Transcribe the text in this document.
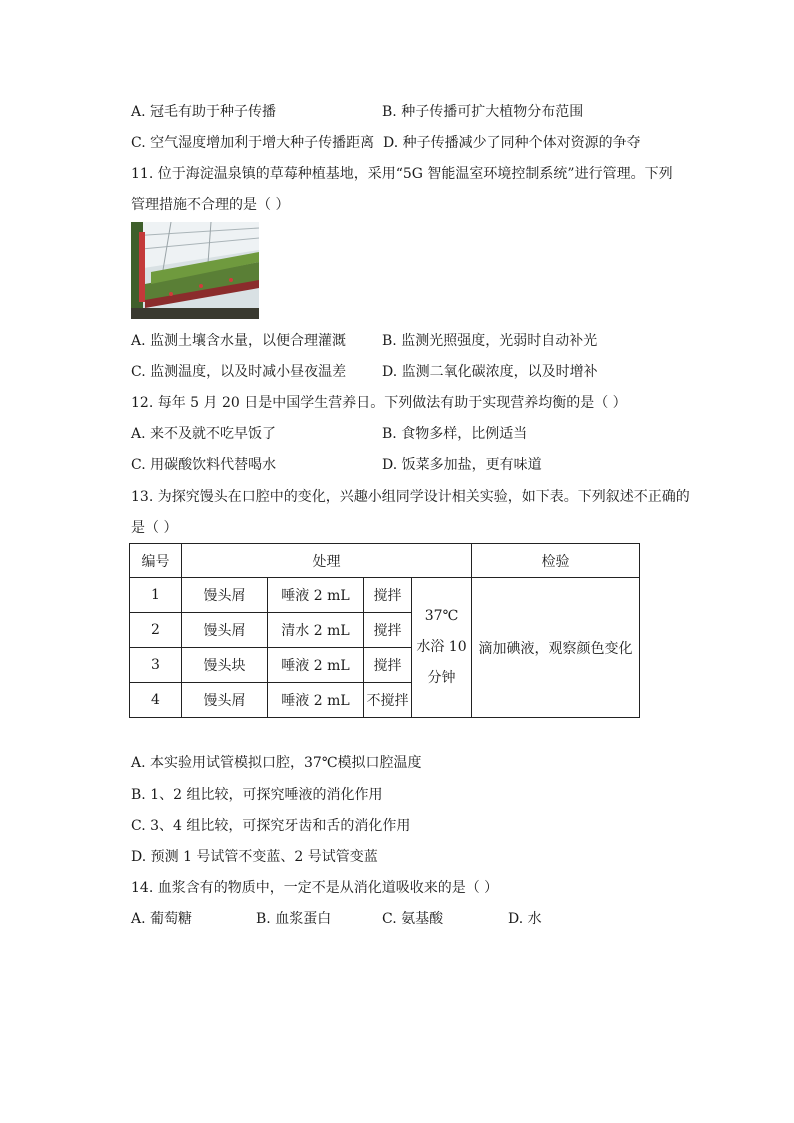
A. 冠毛有助于种子传播	B. 种子传播可扩大植物分布范围
C. 空气湿度增加利于增大种子传播距离 D. 种子传播减少了同种个体对资源的争夺
11. 位于海淀温泉镇的草莓种植基地，采用“5G 智能温室环境控制系统”进行管理。下列
管理措施不合理的是（ ）
A. 监测土壤含水量，以便合理灌溉	B. 监测光照强度，光弱时自动补光
C. 监测温度，以及时减小昼夜温差	D. 监测二氧化碳浓度，以及时增补
12. 每年 5 月 20 日是中国学生营养日。下列做法有助于实现营养均衡的是（ ）
A. 来不及就不吃早饭了	B. 食物多样，比例适当
C. 用碳酸饮料代替喝水	D. 饭菜多加盐，更有味道
13. 为探究馒头在口腔中的变化，兴趣小组同学设计相关实验，如下表。下列叙述不正确的
是（ ）
编号	处理				检验
1	馒头屑	唾液 2 mL	搅拌	37℃
水浴 10
分钟	滴加碘液，观察颜色变化
2	馒头屑	清水 2 mL	搅拌		
3	馒头块	唾液 2 mL	搅拌		
4	馒头屑	唾液 2 mL	不搅拌		
A. 本实验用试管模拟口腔，37℃模拟口腔温度
B. 1、2 组比较，可探究唾液的消化作用
C. 3、4 组比较，可探究牙齿和舌的消化作用
D. 预测 1 号试管不变蓝、2 号试管变蓝
14. 血浆含有的物质中，一定不是从消化道吸收来的是（ ）
A. 葡萄糖	B. 血浆蛋白	C. 氨基酸	D. 水
